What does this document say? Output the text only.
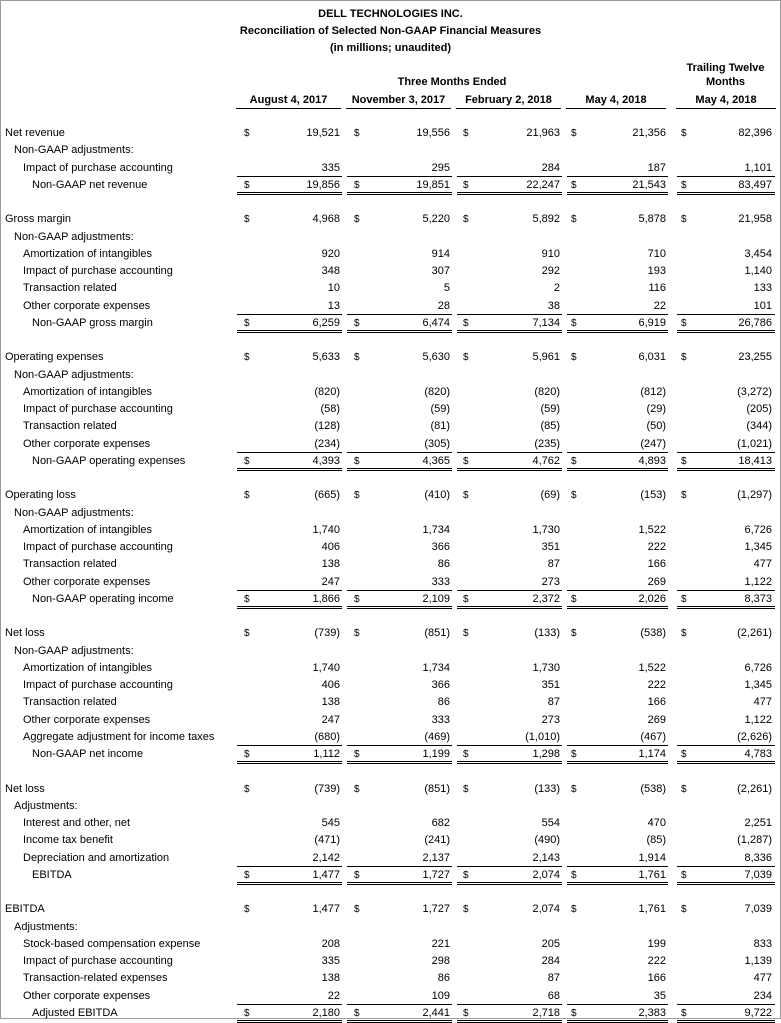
DELL TECHNOLOGIES INC.
Reconciliation of Selected Non-GAAP Financial Measures
(in millions; unaudited)
Three Months Ended
Trailing Twelve
Months
August 4, 2017	November 3, 2017	February 2, 2018	May 4, 2018	May 4, 2018
Net revenue	$	19,521 $	19,556 $	21,963 $	21,356 $	82,396
Non-GAAP adjustments:
Impact of purchase accounting	335	295	284	187	1,101
Non-GAAP net revenue	$	19,856 $	19,851 $	22,247 $	21,543 $	83,497
Gross margin	$	4,968 $	5,220 $	5,892 $	5,878 $	21,958
Non-GAAP adjustments:
Amortization of intangibles	920	914	910	710	3,454
Impact of purchase accounting	348	307	292	193	1,140
Transaction related	10	5	2	116	133
Other corporate expenses	13	28	38	22	101
Non-GAAP gross margin	$	6,259 $	6,474 $	7,134 $	6,919 $	26,786
Operating expenses	$	5,633 $	5,630 $	5,961 $	6,031 $	23,255
Non-GAAP adjustments:
Amortization of intangibles	(820)	(820)	(820)	(812)	(3,272)
Impact of purchase accounting	(58)	(59)	(59)	(29)	(205)
Transaction related	(128)	(81)	(85)	(50)	(344)
Other corporate expenses	(234)	(305)	(235)	(247)	(1,021)
Non-GAAP operating expenses	$	4,393 $	4,365 $	4,762 $	4,893 $	18,413
Operating loss	$	(665) $	(410) $	(69) $	(153) $	(1,297)
Non-GAAP adjustments:
Amortization of intangibles	1,740	1,734	1,730	1,522	6,726
Impact of purchase accounting	406	366	351	222	1,345
Transaction related	138	86	87	166	477
Other corporate expenses	247	333	273	269	1,122
Non-GAAP operating income	$	1,866 $	2,109 $	2,372 $	2,026 $	8,373
Net loss	$	(739) $	(851) $	(133) $	(538) $	(2,261)
Non-GAAP adjustments:
Amortization of intangibles	1,740	1,734	1,730	1,522	6,726
Impact of purchase accounting	406	366	351	222	1,345
Transaction related	138	86	87	166	477
Other corporate expenses	247	333	273	269	1,122
Aggregate adjustment for income taxes	(680)	(469)	(1,010)	(467)	(2,626)
Non-GAAP net income	$	1,112 $	1,199 $	1,298 $	1,174 $	4,783
Net loss	$	(739) $	(851) $	(133) $	(538) $	(2,261)
Adjustments:
Interest and other, net	545	682	554	470	2,251
Income tax benefit	(471)	(241)	(490)	(85)	(1,287)
Depreciation and amortization	2,142	2,137	2,143	1,914	8,336
EBITDA	$	1,477 $	1,727 $	2,074 $	1,761 $	7,039
EBITDA	$	1,477 $	1,727 $	2,074 $	1,761 $	7,039
Adjustments:
Stock-based compensation expense	208	221	205	199	833
Impact of purchase accounting	335	298	284	222	1,139
Transaction-related expenses	138	86	87	166	477
Other corporate expenses	22	109	68	35	234
Adjusted EBITDA	$	2,180 $	2,441 $	2,718 $	2,383 $	9,722
